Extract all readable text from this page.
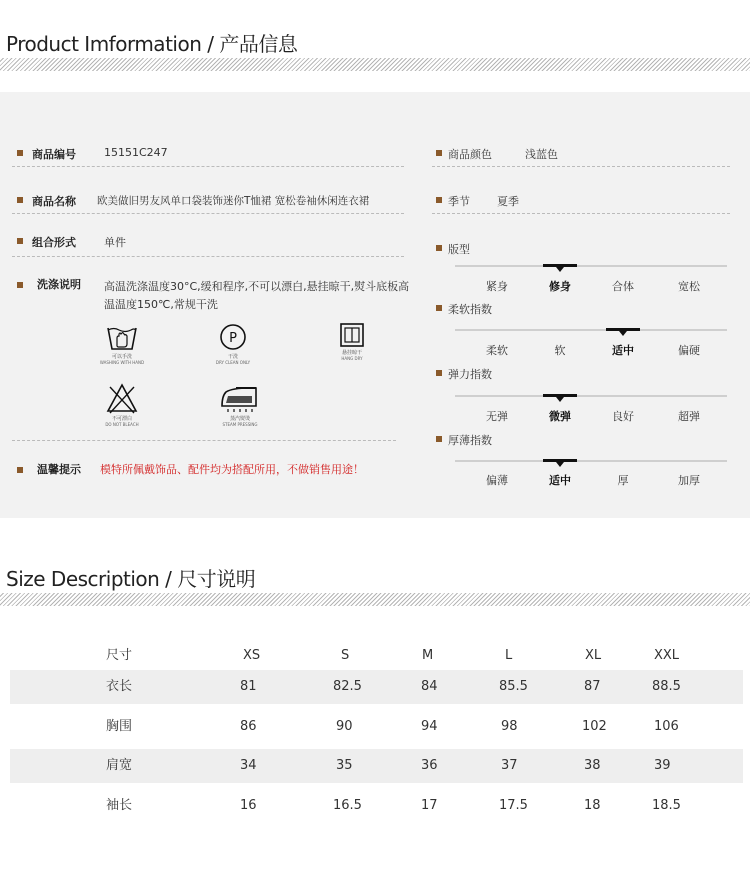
Product Imformation / 产品信息
商品编号	15151C247
商品名称 欧美做旧男友风单口袋装饰迷你T恤裙 宽松卷袖休闲连衣裙
组合形式	单件
洗涤说明 高温洗涤温度30°C,缓和程序,不可以漂白,悬挂晾干,熨斗底板高温温度150℃,常规干洗
可以手洗
WASHING WITH HAND
P
干洗
DRY CLEAN ONLY
悬挂晾干
HANG DRY
不可漂白
DO NOT BLEACH
蒸汽熨烫
STEAM PRESSING
温馨提示 模特所佩戴饰品、配件均为搭配所用，不做销售用途！
商品颜色	浅蓝色
季节 夏季
版型
紧身	修身	合体	宽松
柔软指数
柔软	软	适中	偏硬
弹力指数
无弹	微弹	良好	超弹
厚薄指数
偏薄	适中	厚	加厚
Size Description / 尺寸说明
尺寸	XS	S	M	L	XL	XXL
衣长	81	82.5	84	85.5	87	88.5
胸围	86	90	94	98	102	106
肩宽	34	35	36	37	38	39
袖长	16	16.5	17	17.5	18	18.5
